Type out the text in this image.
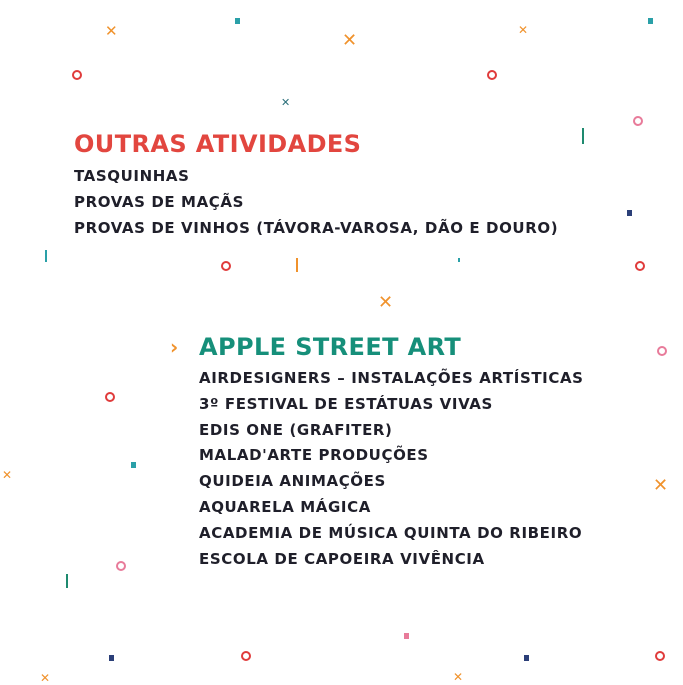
OUTRAS ATIVIDADES
TASQUINHAS
PROVAS DE MAÇÃS
PROVAS DE VINHOS (TÁVORA-VAROSA, DÃO E DOURO)
APPLE STREET ART
AIRDESIGNERS – INSTALAÇÕES ARTÍSTICAS
3º FESTIVAL DE ESTÁTUAS VIVAS
EDIS ONE (GRAFITER)
MALAD'ARTE PRODUÇÕES
QUIDEIA ANIMAÇÕES
AQUARELA MÁGICA
ACADEMIA DE MÚSICA QUINTA DO RIBEIRO
ESCOLA DE CAPOEIRA VIVÊNCIA
✕	✕	✕
✕
✕
✕
✕
✕	✕
›
